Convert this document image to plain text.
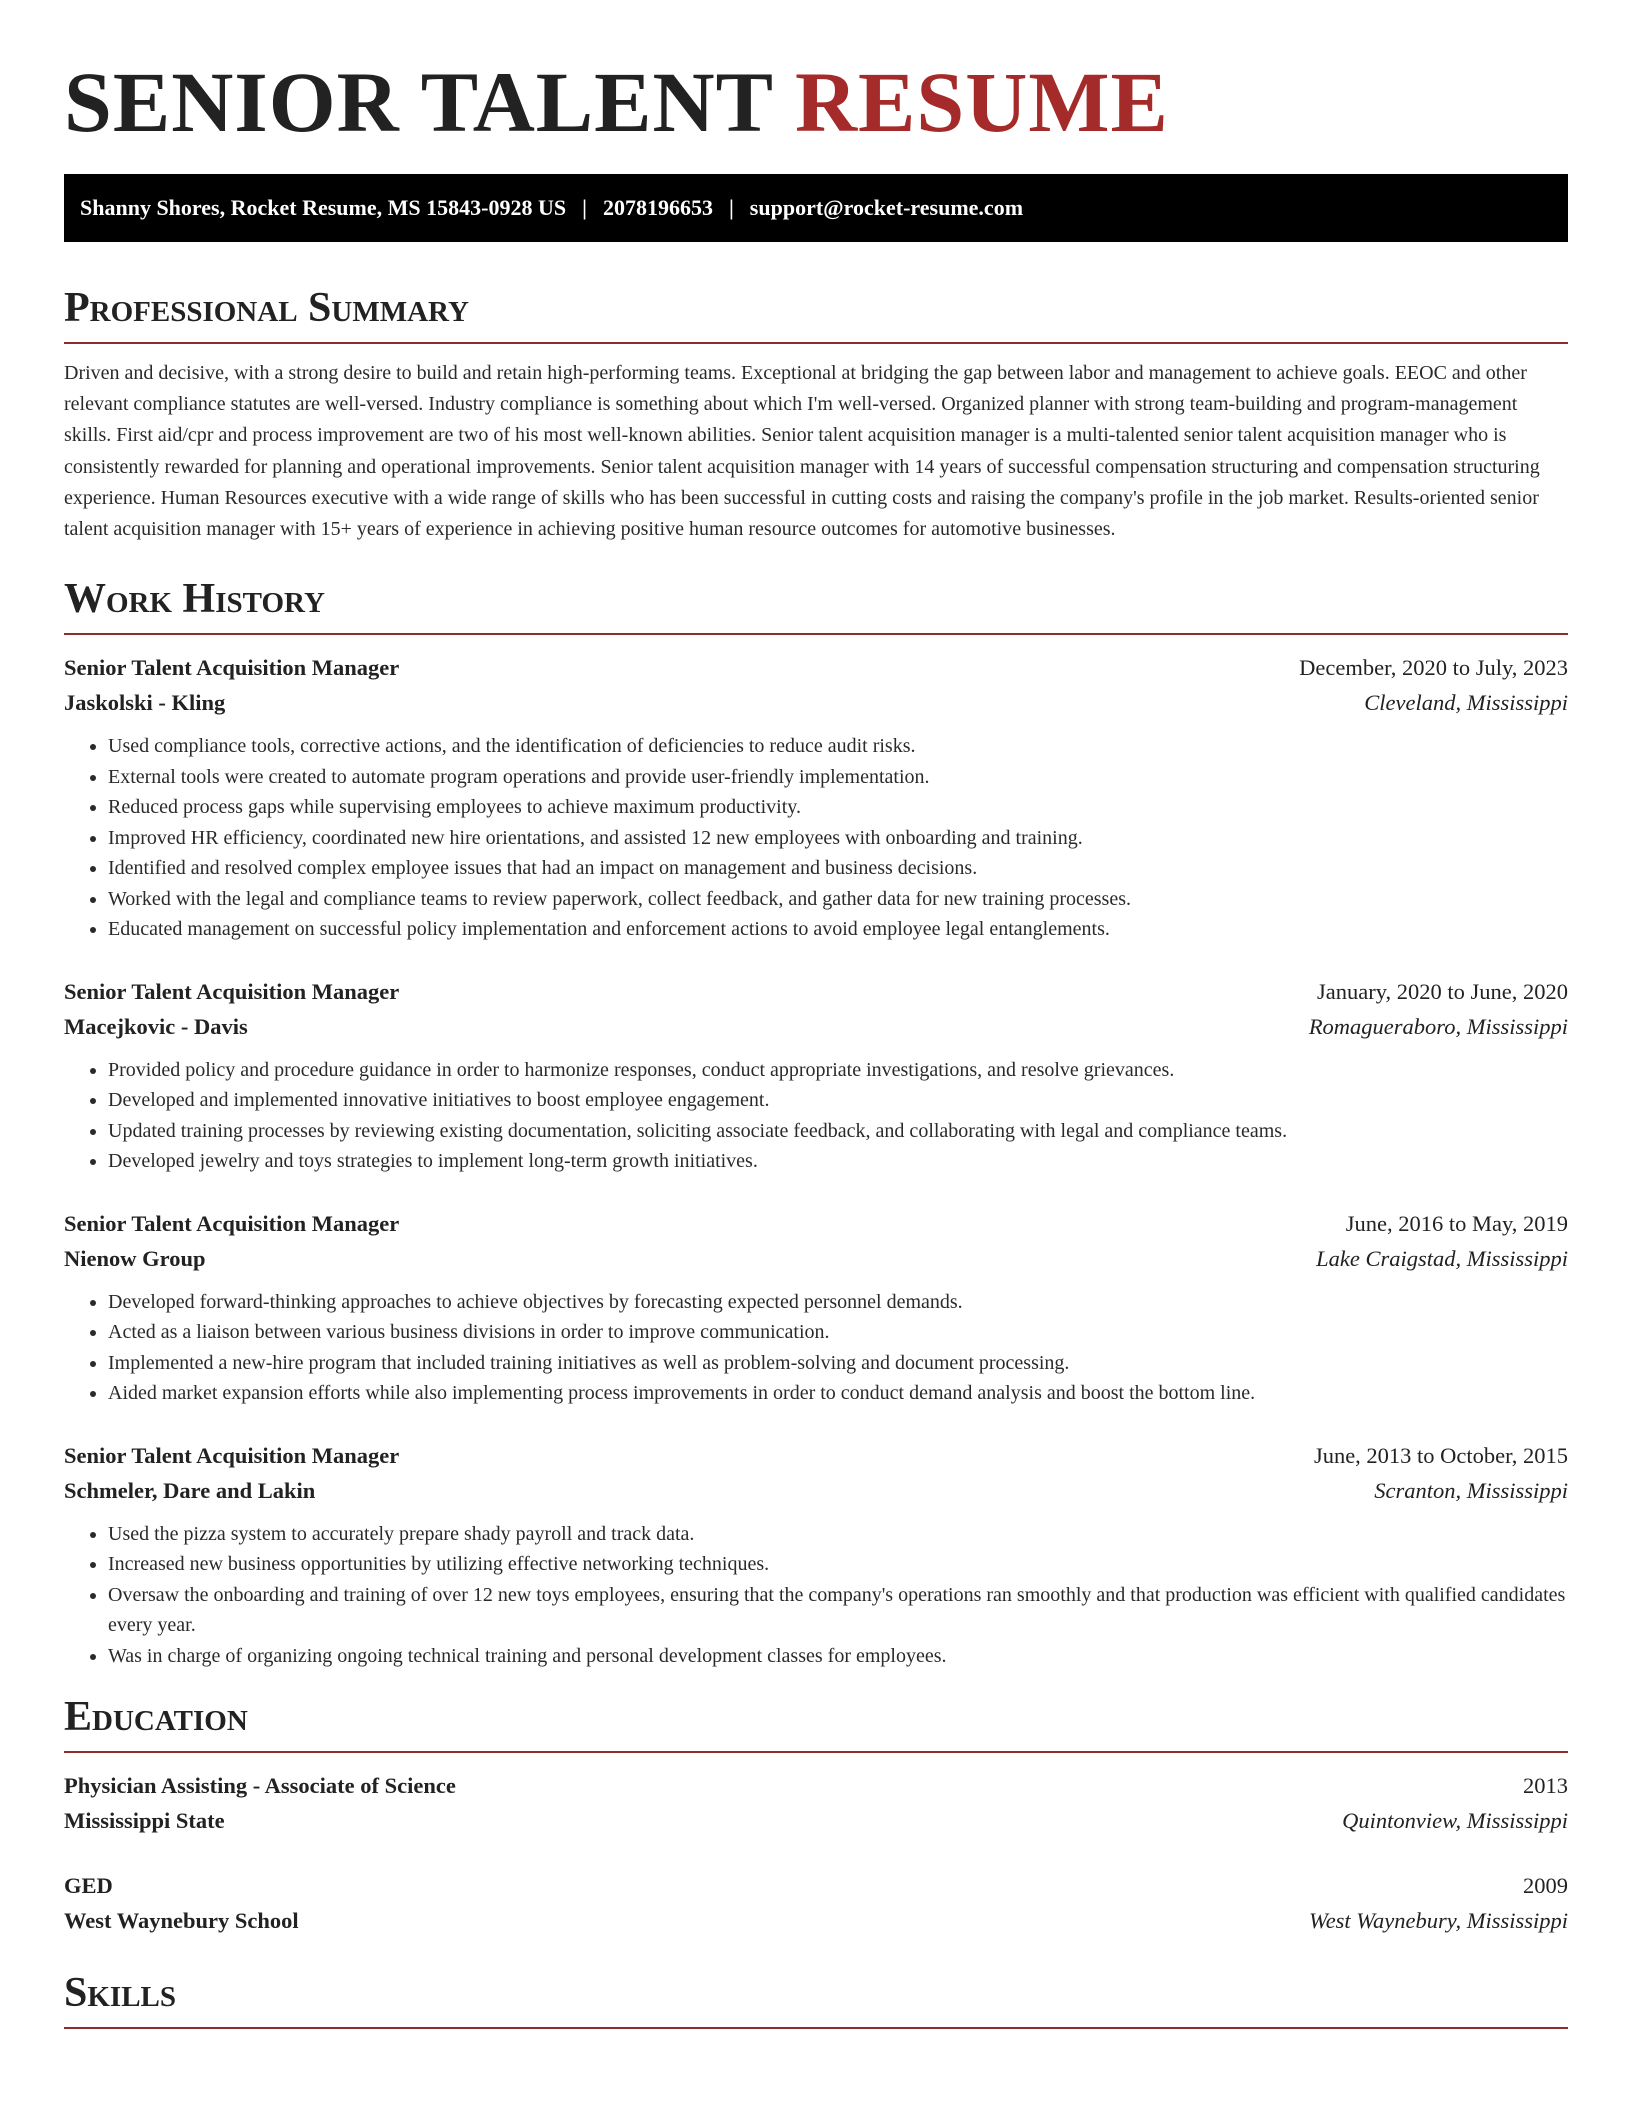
SENIOR TALENT RESUME
Shanny Shores, Rocket Resume, MS 15843-0928 US | 2078196653 | support@rocket-resume.com
Professional Summary

Driven and decisive, with a strong desire to build and retain high-performing teams. Exceptional at bridging the gap between labor and management to achieve goals. EEOC and other relevant compliance statutes are well-versed. Industry compliance is something about which I'm well-versed. Organized planner with strong team-building and program-management skills. First aid/cpr and process improvement are two of his most well-known abilities. Senior talent acquisition manager is a multi-talented senior talent acquisition manager who is consistently rewarded for planning and operational improvements. Senior talent acquisition manager with 14 years of successful compensation structuring and compensation structuring experience. Human Resources executive with a wide range of skills who has been successful in cutting costs and raising the company's profile in the job market. Results-oriented senior talent acquisition manager with 15+ years of experience in achieving positive human resource outcomes for automotive businesses.

Work History
Senior Talent Acquisition Manager	December, 2020 to July, 2023
Jaskolski - Kling	Cleveland, Mississippi
• Used compliance tools, corrective actions, and the identification of deficiencies to reduce audit risks.
• External tools were created to automate program operations and provide user-friendly implementation.
• Reduced process gaps while supervising employees to achieve maximum productivity.
• Improved HR efficiency, coordinated new hire orientations, and assisted 12 new employees with onboarding and training.
• Identified and resolved complex employee issues that had an impact on management and business decisions.
• Worked with the legal and compliance teams to review paperwork, collect feedback, and gather data for new training processes.
• Educated management on successful policy implementation and enforcement actions to avoid employee legal entanglements.
Senior Talent Acquisition Manager	January, 2020 to June, 2020
Macejkovic - Davis	Romagueraboro, Mississippi
• Provided policy and procedure guidance in order to harmonize responses, conduct appropriate investigations, and resolve grievances.
• Developed and implemented innovative initiatives to boost employee engagement.
• Updated training processes by reviewing existing documentation, soliciting associate feedback, and collaborating with legal and compliance teams.
• Developed jewelry and toys strategies to implement long-term growth initiatives.
Senior Talent Acquisition Manager	June, 2016 to May, 2019
Nienow Group	Lake Craigstad, Mississippi
• Developed forward-thinking approaches to achieve objectives by forecasting expected personnel demands.
• Acted as a liaison between various business divisions in order to improve communication.
• Implemented a new-hire program that included training initiatives as well as problem-solving and document processing.
• Aided market expansion efforts while also implementing process improvements in order to conduct demand analysis and boost the bottom line.
Senior Talent Acquisition Manager	June, 2013 to October, 2015
Schmeler, Dare and Lakin	Scranton, Mississippi
• Used the pizza system to accurately prepare shady payroll and track data.
• Increased new business opportunities by utilizing effective networking techniques.
• Oversaw the onboarding and training of over 12 new toys employees, ensuring that the company's operations ran smoothly and that production was efficient with qualified candidates every year.
• Was in charge of organizing ongoing technical training and personal development classes for employees.
Education
Physician Assisting - Associate of Science	2013
Mississippi State	Quintonview, Mississippi
GED	2009
West Waynebury School	West Waynebury, Mississippi
Skills
